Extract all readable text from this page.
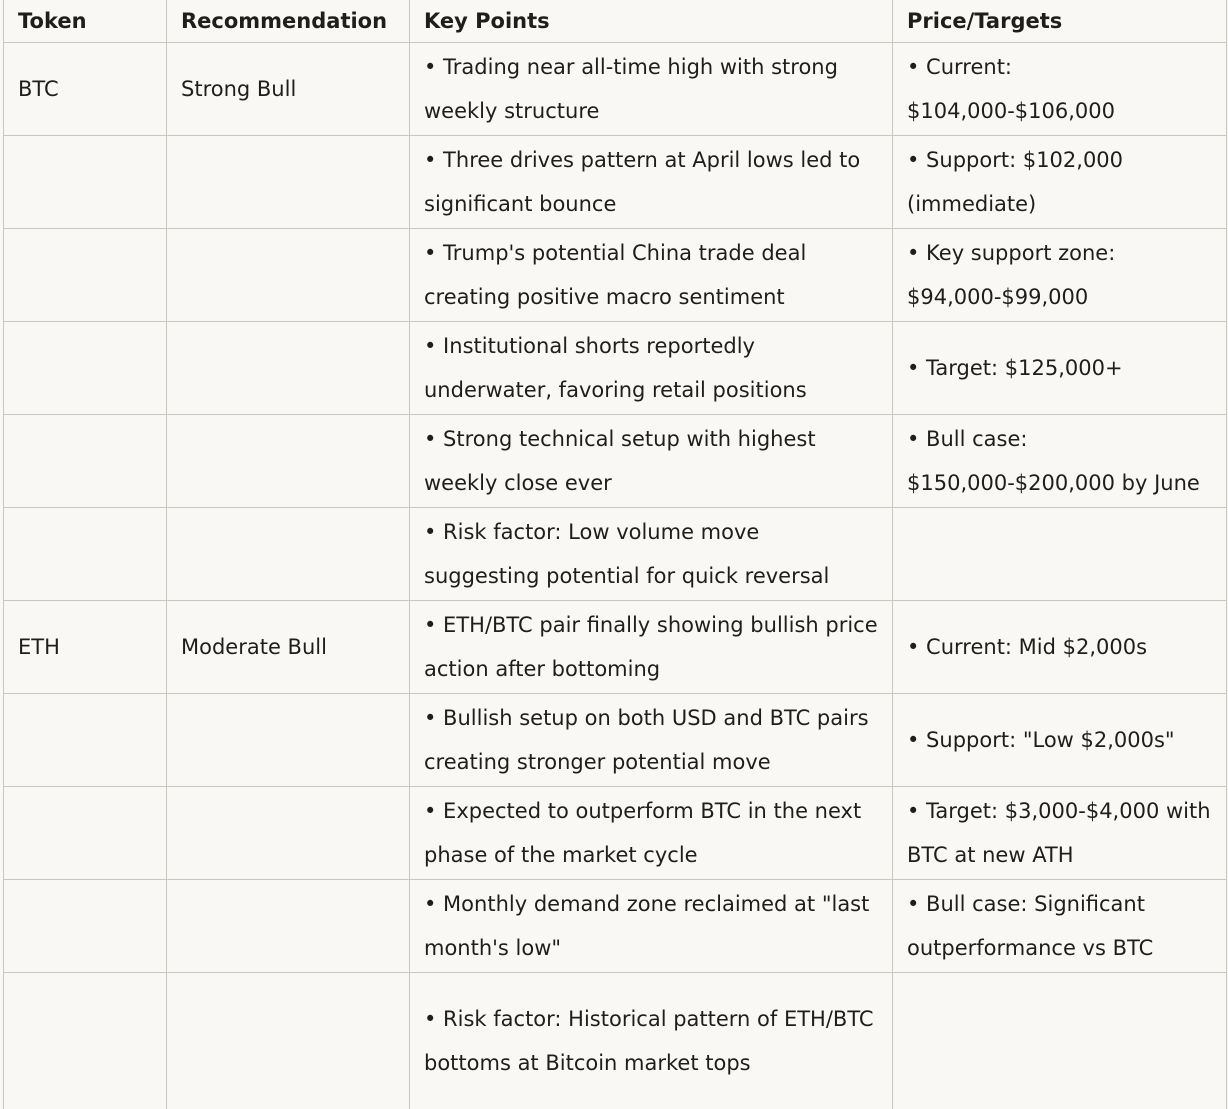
Token	Recommendation	Key Points	Price/Targets
BTC	Strong Bull	• Trading near all-time high with strong weekly structure	• Current: $104,000-$106,000
		• Three drives pattern at April lows led to significant bounce	• Support: $102,000 (immediate)
		• Trump's potential China trade deal creating positive macro sentiment	• Key support zone: $94,000-$99,000
		• Institutional shorts reportedly underwater, favoring retail positions	• Target: $125,000+
		• Strong technical setup with highest weekly close ever	• Bull case: $150,000-$200,000 by June
		• Risk factor: Low volume move suggesting potential for quick reversal	
ETH	Moderate Bull	• ETH/BTC pair finally showing bullish price action after bottoming	• Current: Mid $2,000s
		• Bullish setup on both USD and BTC pairs creating stronger potential move	• Support: "Low $2,000s"
		• Expected to outperform BTC in the next phase of the market cycle	• Target: $3,000-$4,000 with BTC at new ATH
		• Monthly demand zone reclaimed at "last month's low"	• Bull case: Significant outperformance vs BTC
		• Risk factor: Historical pattern of ETH/BTC bottoms at Bitcoin market tops	
